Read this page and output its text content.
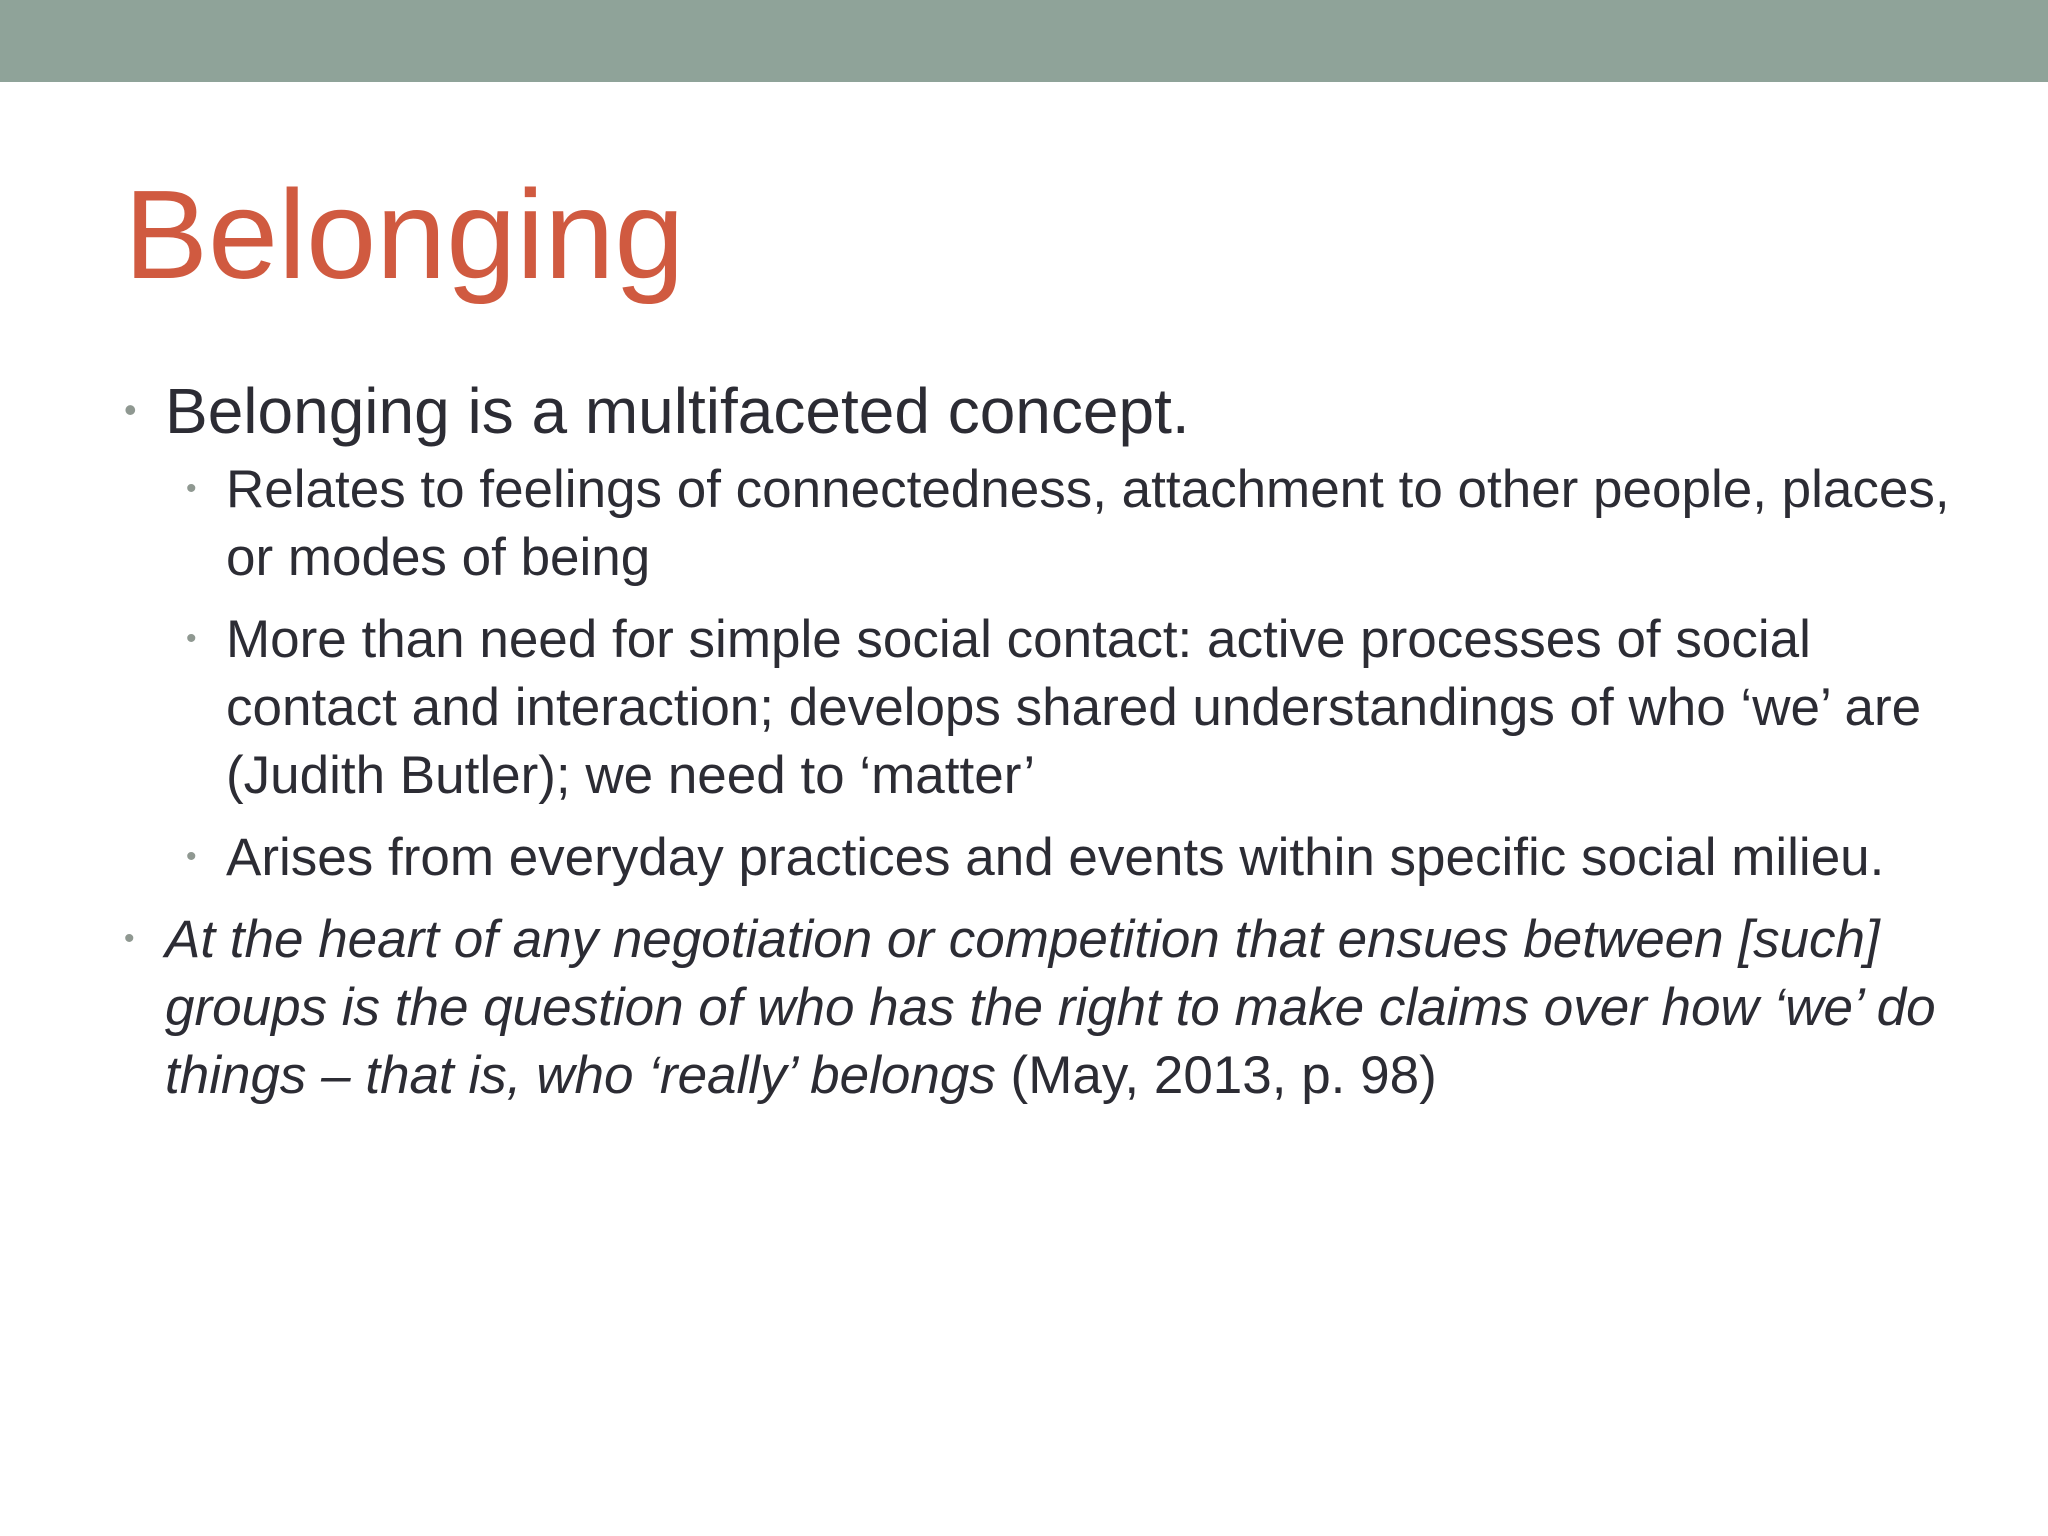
Belonging
• Belonging is a multifaceted concept.
• Relates to feelings of connectedness, attachment to other people, places, or modes of being
• More than need for simple social contact: active processes of social contact and interaction; develops shared understandings of who ‘we’ are (Judith Butler); we need to ‘matter’
• Arises from everyday practices and events within specific social milieu.
• At the heart of any negotiation or competition that ensues between [such] groups is the question of who has the right to make claims over how ‘we’ do things – that is, who ‘really’ belongs (May, 2013, p. 98)
